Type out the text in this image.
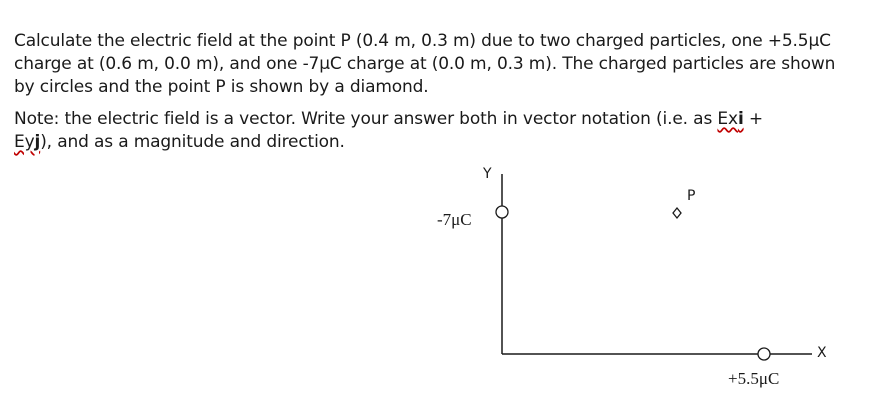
Calculate the electric field at the point P (0.4 m, 0.3 m) due to two charged particles, one +5.5μC charge at (0.6 m, 0.0 m), and one -7μC charge at (0.0 m, 0.3 m). The charged particles are shown by circles and the point P is shown by a diamond.

Note: the electric field is a vector. Write your answer both in vector notation (i.e. as Exi +
Eyj), and as a magnitude and direction.

Y
X
P
-7μC
+5.5μC
